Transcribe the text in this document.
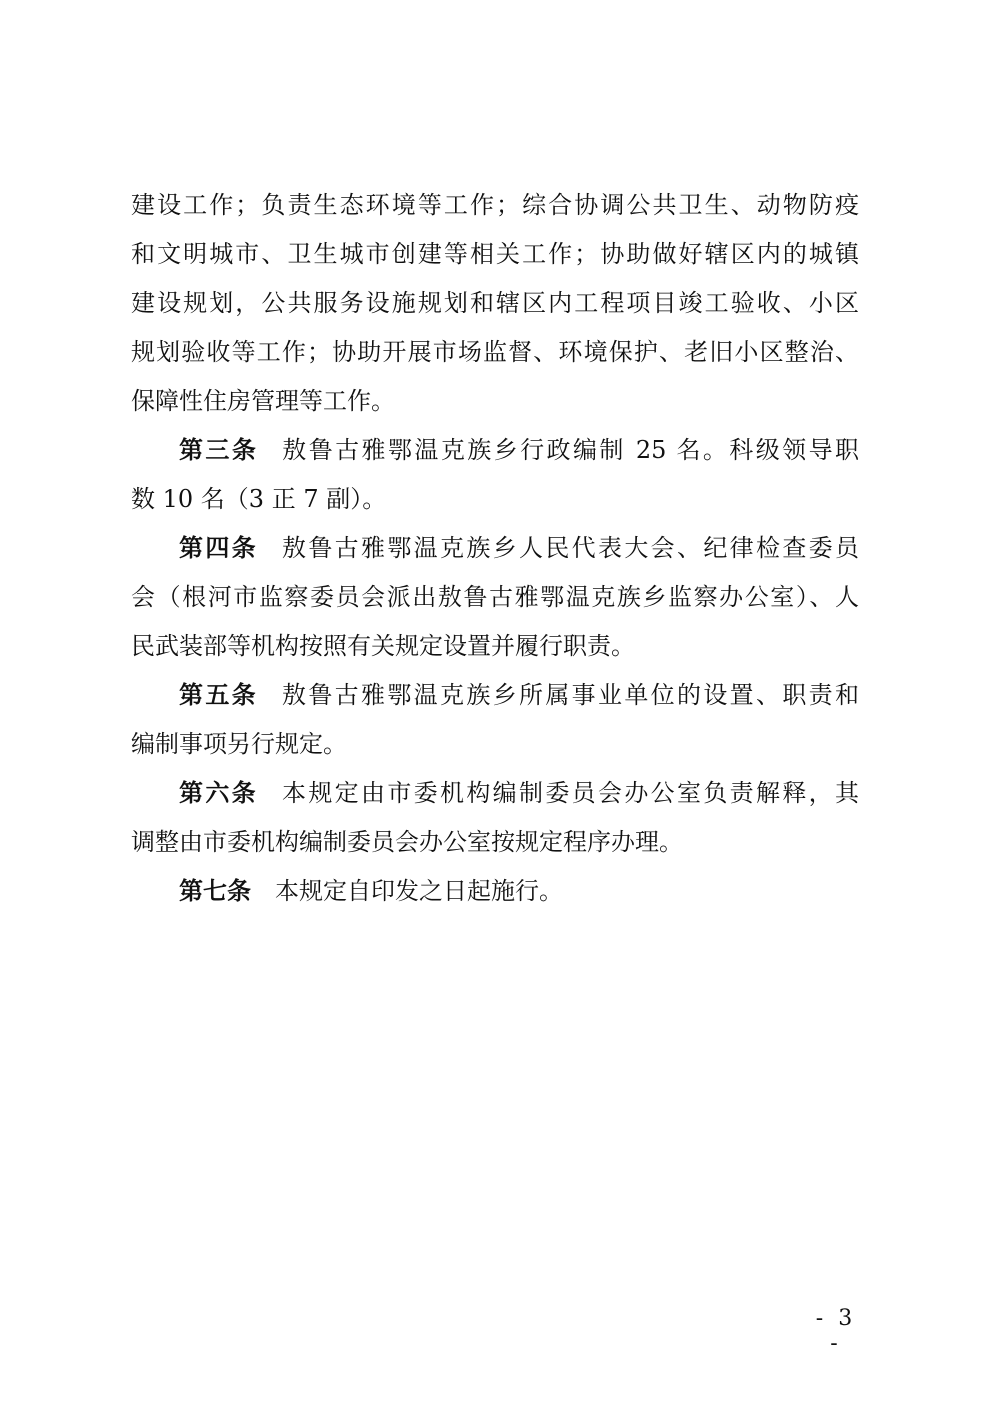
建设工作；负责生态环境等工作；综合协调公共卫生、动物防疫
和文明城市、卫生城市创建等相关工作；协助做好辖区内的城镇
建设规划，公共服务设施规划和辖区内工程项目竣工验收、小区
规划验收等工作；协助开展市场监督、环境保护、老旧小区整治、
保障性住房管理等工作。
第三条 敖鲁古雅鄂温克族乡行政编制 25 名。科级领导职
数 10 名（3 正 7 副）。
第四条 敖鲁古雅鄂温克族乡人民代表大会、纪律检查委员
会（根河市监察委员会派出敖鲁古雅鄂温克族乡监察办公室）、人
民武装部等机构按照有关规定设置并履行职责。
第五条 敖鲁古雅鄂温克族乡所属事业单位的设置、职责和
编制事项另行规定。
第六条 本规定由市委机构编制委员会办公室负责解释，其
调整由市委机构编制委员会办公室按规定程序办理。
第七条 本规定自印发之日起施行。
- 3 -
